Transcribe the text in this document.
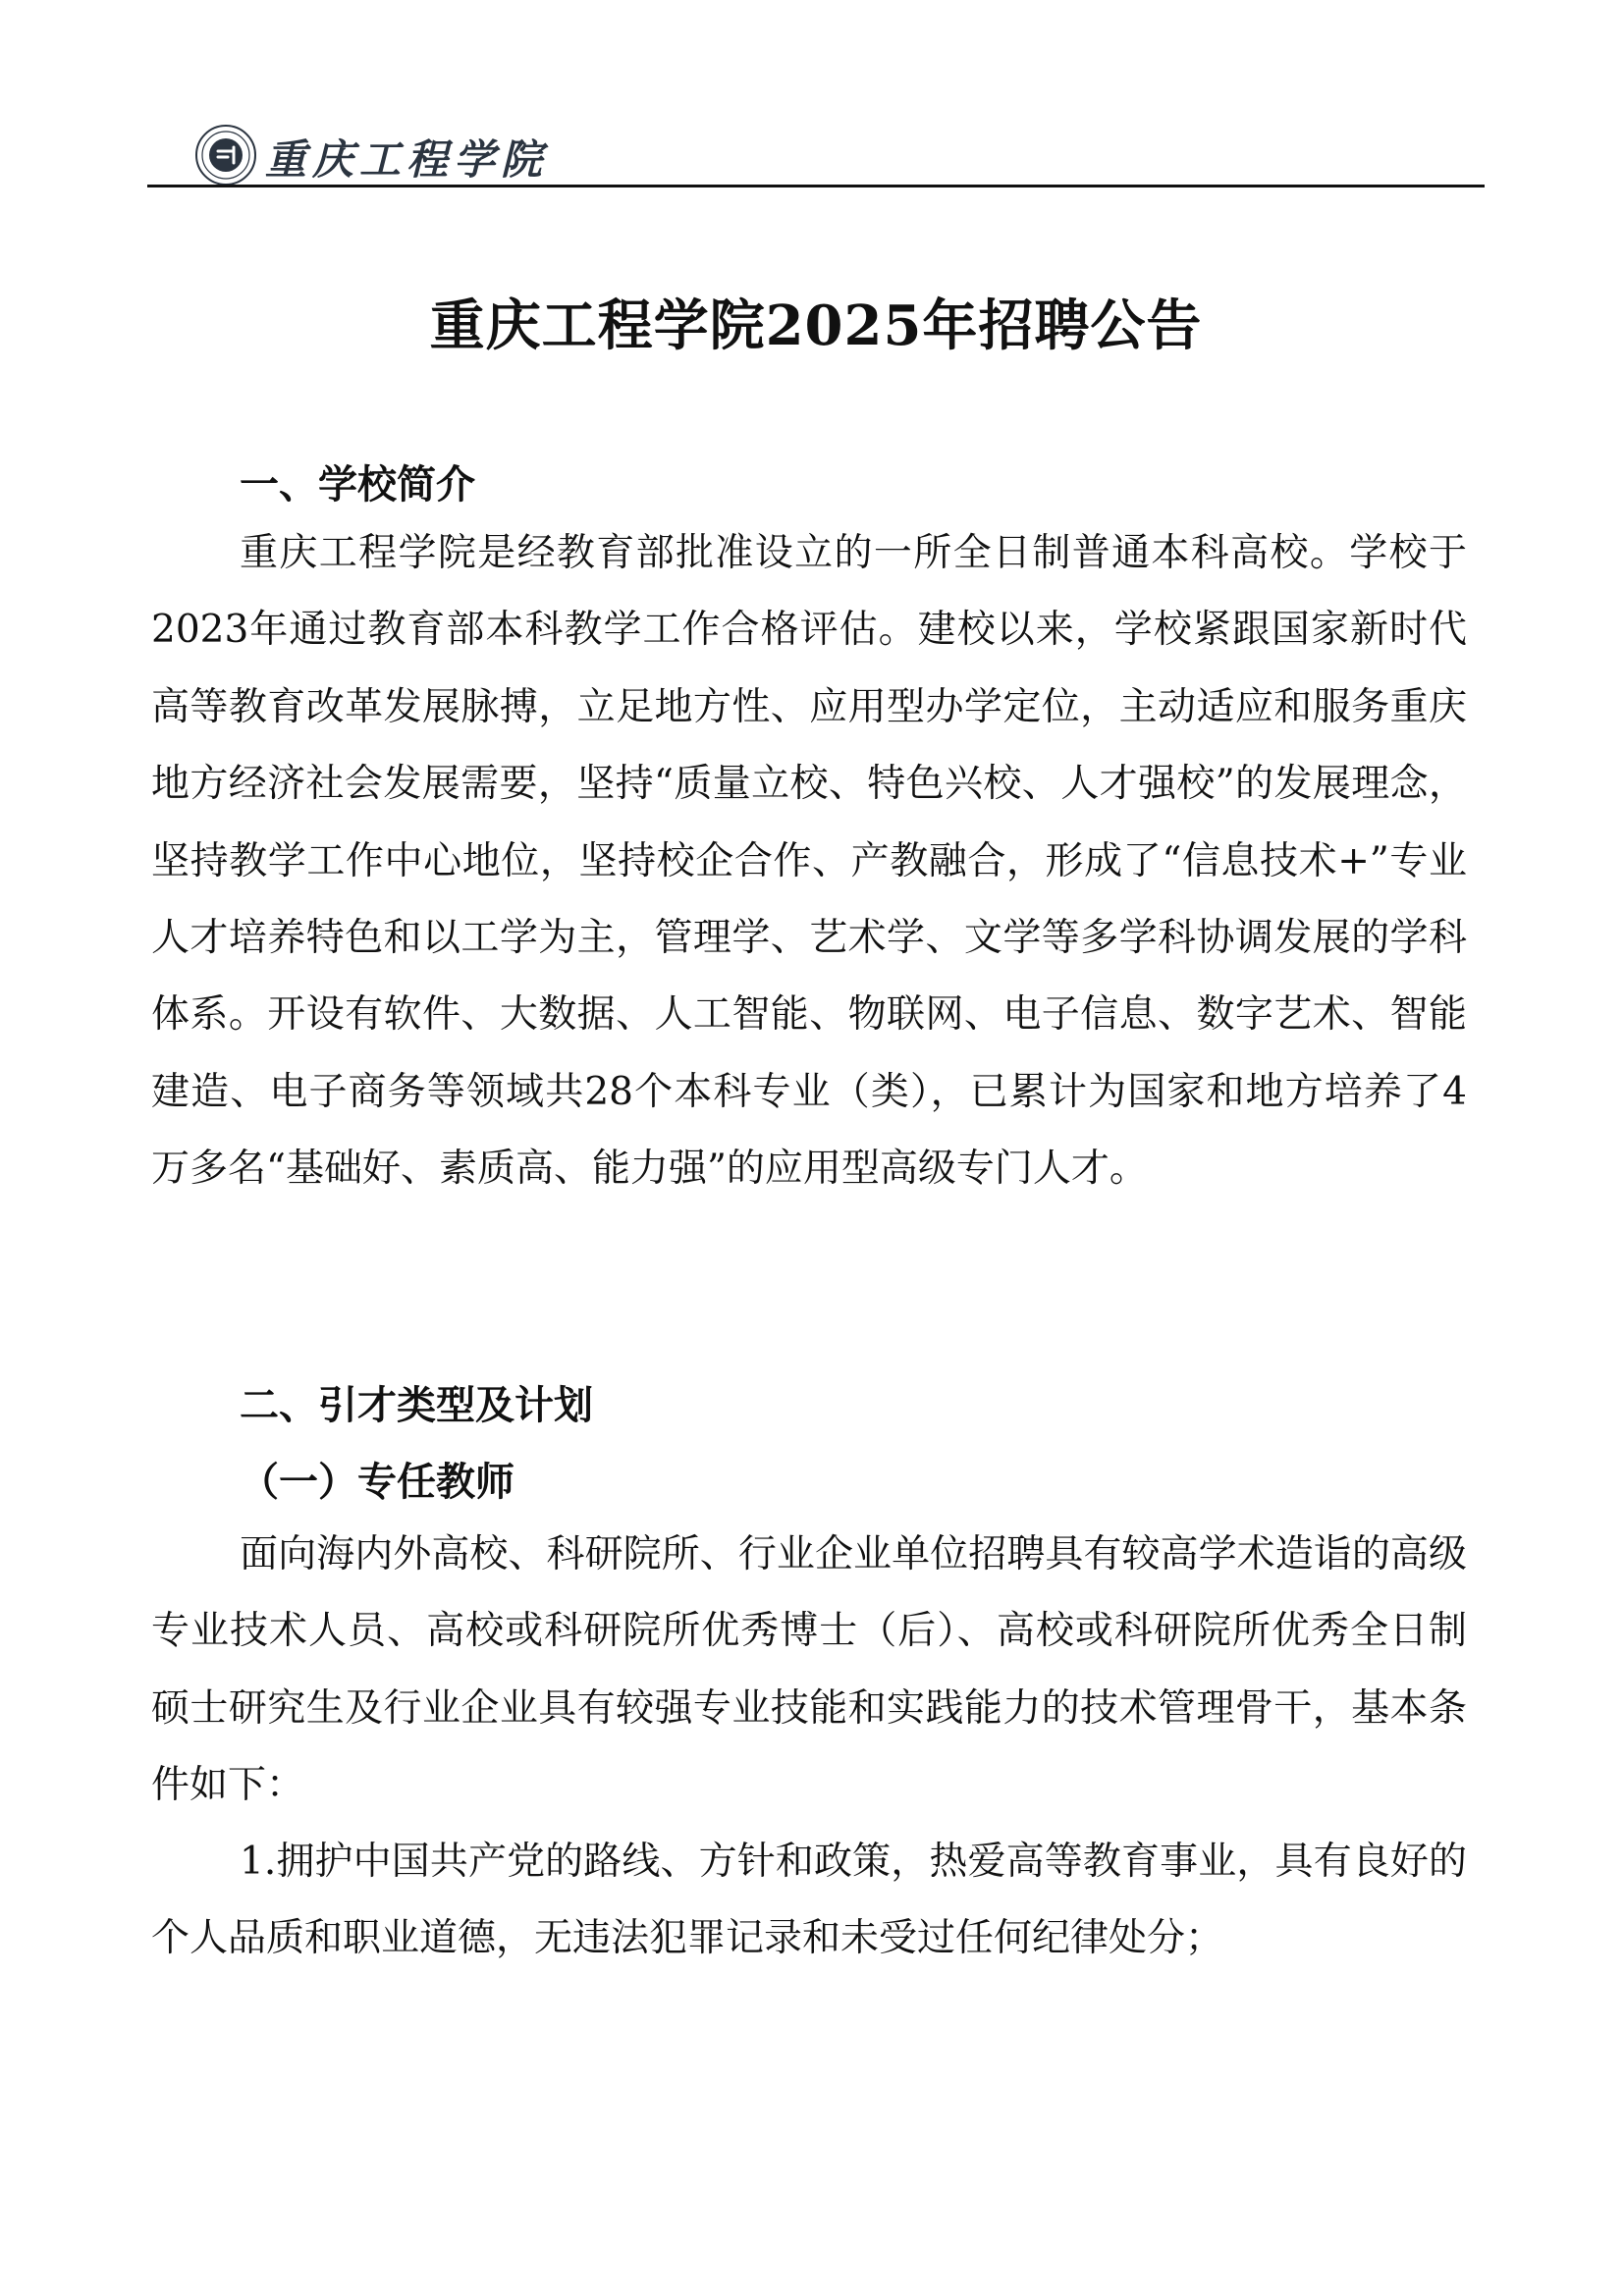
重庆工程学院
重庆工程学院2025年招聘公告
一、学校简介
重庆工程学院是经教育部批准设立的一所全日制普通本科高校。学校于2023年通过教育部本科教学工作合格评估。建校以来，学校紧跟国家新时代高等教育改革发展脉搏，立足地方性、应用型办学定位，主动适应和服务重庆地方经济社会发展需要，坚持“质量立校、特色兴校、人才强校”的发展理念，坚持教学工作中心地位，坚持校企合作、产教融合，形成了“信息技术+”专业人才培养特色和以工学为主，管理学、艺术学、文学等多学科协调发展的学科体系。开设有软件、大数据、人工智能、物联网、电子信息、数字艺术、智能建造、电子商务等领域共28个本科专业（类），已累计为国家和地方培养了4万多名“基础好、素质高、能力强”的应用型高级专门人才。
二、引才类型及计划
（一）专任教师
面向海内外高校、科研院所、行业企业单位招聘具有较高学术造诣的高级专业技术人员、高校或科研院所优秀博士（后）、高校或科研院所优秀全日制硕士研究生及行业企业具有较强专业技能和实践能力的技术管理骨干，基本条件如下：
1.拥护中国共产党的路线、方针和政策，热爱高等教育事业，具有良好的个人品质和职业道德，无违法犯罪记录和未受过任何纪律处分；
